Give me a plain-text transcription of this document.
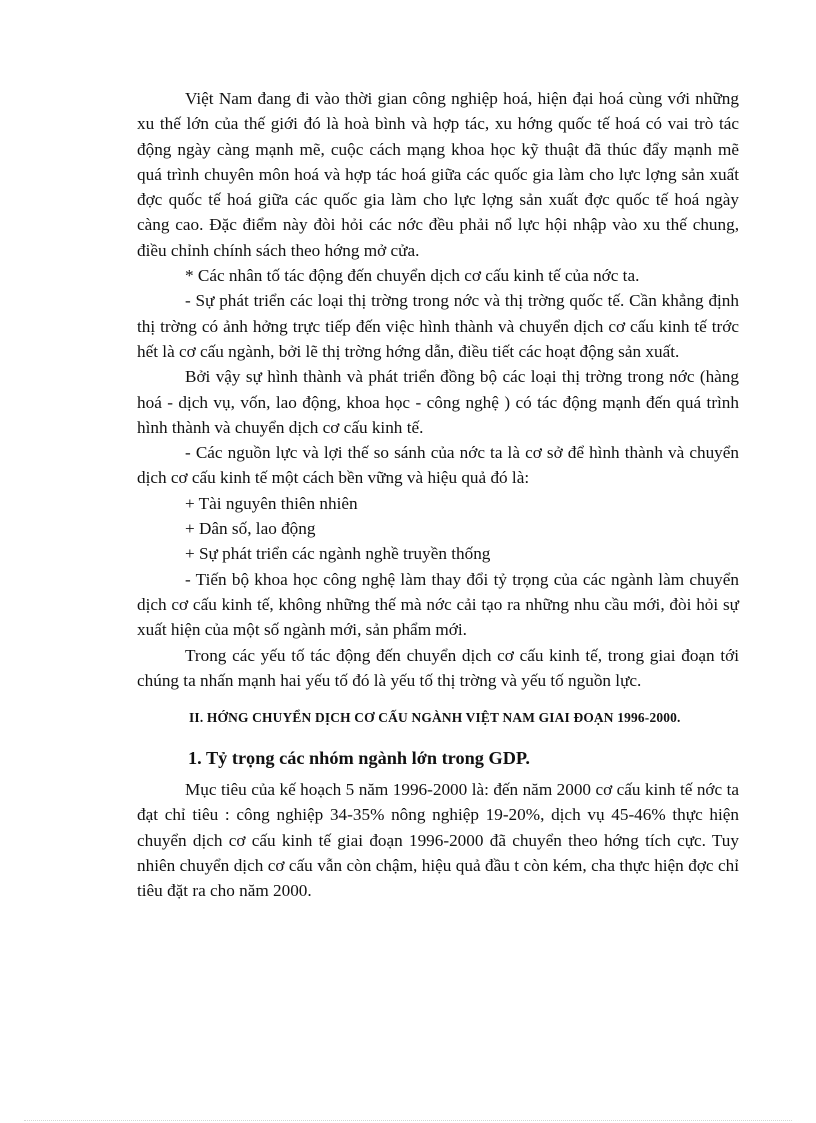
Việt Nam đang đi vào thời gian công nghiệp hoá, hiện đại hoá cùng với những xu thế lớn của thế giới đó là hoà bình và hợp tác, xu hớng quốc tế hoá có vai trò tác động ngày càng mạnh mẽ, cuộc cách mạng khoa học kỹ thuật đã thúc đẩy mạnh mẽ quá trình chuyên môn hoá và hợp tác hoá giữa các quốc gia làm cho lực lợng sản xuất đợc quốc tế hoá giữa các quốc gia làm cho lực lợng sản xuất đợc quốc tế hoá ngày càng cao. Đặc điểm này đòi hỏi các nớc đều phải nổ lực hội nhập vào xu thế chung, điều chỉnh chính sách theo hớng mở cửa.

* Các nhân tố tác động đến chuyển dịch cơ cấu kinh tế của nớc ta.

- Sự phát triển các loại thị trờng trong nớc và thị trờng quốc tế. Cần khẳng định thị trờng có ảnh hởng trực tiếp đến việc hình thành và chuyển dịch cơ cấu kinh tế trớc hết là cơ cấu ngành, bởi lẽ thị trờng hớng dẫn, điều tiết các hoạt động sản xuất.

Bởi vậy sự hình thành và phát triển đồng bộ các loại thị trờng trong nớc (hàng hoá - dịch vụ, vốn, lao động, khoa học - công nghệ ) có tác động mạnh đến quá trình hình thành và chuyển dịch cơ cấu kinh tế.

- Các nguồn lực và lợi thế so sánh của nớc ta là cơ sở để hình thành và chuyển dịch cơ cấu kinh tế một cách bền vững và hiệu quả đó là:

+ Tài nguyên thiên nhiên

+ Dân số, lao động

+ Sự phát triển các ngành nghề truyền thống

- Tiến bộ khoa học công nghệ làm thay đổi tỷ trọng của các ngành làm chuyển dịch cơ cấu kinh tế, không những thế mà nớc cải tạo ra những nhu cầu mới, đòi hỏi sự xuất hiện của một số ngành mới, sản phẩm mới.

Trong các yếu tố tác động đến chuyển dịch cơ cấu kinh tế, trong giai đoạn tới chúng ta nhấn mạnh hai yếu tố đó là yếu tố thị trờng và yếu tố nguồn lực.

II. HỚNG CHUYỂN DỊCH CƠ CẤU NGÀNH VIỆT NAM GIAI ĐOẠN 1996-2000.

1. Tỷ trọng các nhóm ngành lớn trong GDP.

Mục tiêu của kế hoạch 5 năm 1996-2000 là: đến năm 2000 cơ cấu kinh tế nớc ta đạt chỉ tiêu : công nghiệp 34-35% nông nghiệp 19-20%, dịch vụ 45-46% thực hiện chuyển dịch cơ cấu kinh tế giai đoạn 1996-2000 đã chuyển theo hớng tích cực. Tuy nhiên chuyển dịch cơ cấu vẫn còn chậm, hiệu quả đầu t còn kém, cha thực hiện đợc chỉ tiêu đặt ra cho năm 2000.
